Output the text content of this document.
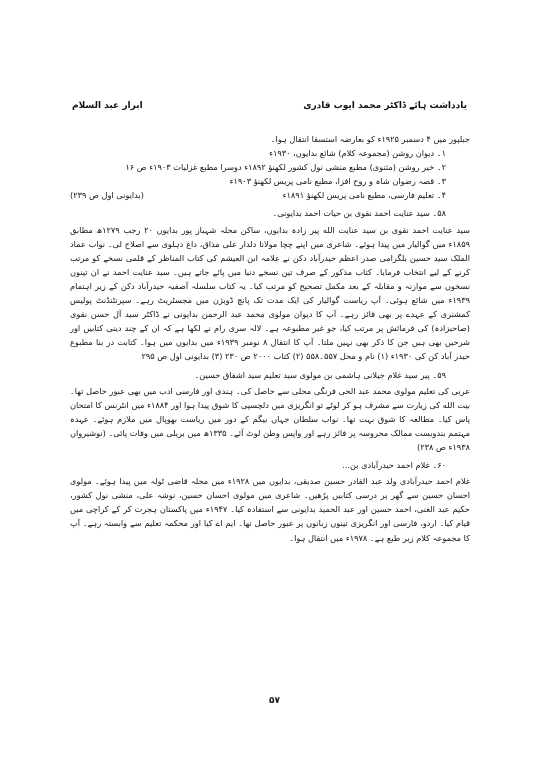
یادداشت ہائے ڈاکٹر محمد ایوب قادری
ابرار عبد السلام

جبلپور میں ۴ دسمبر ۱۹۲۵ء کو بعارضہ استسقا انتقال ہوا۔

۱۔ دیوان روشن (مجموعہ کلام) شائع بدایوں، ۱۹۳۰ء

۲۔ خیر روشن (مثنوی) مطبع منشی نول کشور لکھنؤ ۱۸۹۲ء دوسرا مطبع غزلیات ۱۹۰۳ء ص ۱۶

۳۔ قصہ رضوان شاہ و روح افزا، مطبع نامی پریس لکھنؤ ۱۹۰۳ء

۴۔ تعلیم فارسی، مطبع نامی پریس لکھنؤ ۱۸۹۱ء
(بدایونی اول ص ۲۳۹)

۵۸۔ سید عنایت احمد نقوی بن حیات احمد بدایونی۔

سید عنایت احمد نقوی بن سید عنایت الله پیر زادہ بدایوں، ساکن محلہ شہباز پور بدایوں ۲۰ رجب ۱۲۷۹ھ مطابق ۱۸۵۹ء میں گوالیار میں پیدا ہوئے۔ شاعری میں اپنے چچا مولانا دلدار علی مذاق، داغ دہلوی سے اصلاح لی۔ نواب عماد الملک سید حسین بلگرامی صدر اعظم حیدرآباد دکن نے علامہ ابن العیشم کی کتاب المناظر کے قلمی نسخے کو مرتب کرنے کے لیے انتخاب فرمایا۔ کتاب مذکور کے صرف تین نسخے دنیا میں پائے جاتے ہیں۔ سید عنایت احمد نے ان تینوں نسخوں سے موازنہ و مقابلہ کے بعد مکمل تصحیح کو مرتب کیا۔ یہ کتاب سلسلہ آصفیہ حیدرآباد دکن کے زیر اہتمام ۱۹۳۹ء میں شائع ہوئی۔ آپ ریاست گوالیار کی ایک مدت تک پانچ ڈویژن میں مجسٹریٹ رہے۔ سپرنٹنڈنٹ پولیس کمشنری کے عہدے پر بھی فائز رہے۔ آپ کا دیوان مولوی محمد عبد الرحمن بدایونی نے ڈاکٹر سید آل حسن نقوی (صاحبزادہ) کی فرمائش پر مرتب کیا، جو غیر مطبوعہ ہے۔ لالہ سری رام نے لکھا ہے کہ ان کے چند دینی کتابیں اور شرحیں بھی ہیں جن کا ذکر بھی نہیں ملتا۔ آپ کا انتقال ۸ نومبر ۱۹۳۹ء میں بدایوں میں ہوا۔ کتابت در بنا مطبوع حیدر آباد کن کی ۱۹۳۰ء (۱) نام و محل ۵۵۷۔۵۵۸ (۲) کتاب ۲۰۰۰ ص ۲۳۰ (۳) بدایونی اول ص ۲۹۵

۵۹۔ پیر سید غلام جیلانی ہاشمی بن مولوی سید تعلیم سید اشفاق حسین۔

عربی کی تعلیم مولوی محمد عبد الحی فرنگی محلی سے حاصل کی۔ ہندی اور فارسی ادب میں بھی عبور حاصل تھا۔ بیت الله کی زیارت سے مشرف ہو کر لوٹے تو انگریزی میں دلچسپی کا شوق پیدا ہوا اور ۱۸۸۴ء میں انٹرنس کا امتحان پاس کیا۔ مطالعہ کا شوق بہت تھا۔ نواب سلطان جہاں بیگم کے دور میں ریاست بھوپال میں ملازم ہوئے۔ عہدہ مہتمم بندوبست ممالک محروسہ پر فائز رہے اور واپس وطن لوٹ آئے۔ ۱۳۳۵ھ میں بریلی میں وفات پائی۔ (نوشیرواں ۱۹۳۸ء ص ۲۳۸)

۶۰۔ غلام احمد حیدرآبادی بن...

غلام احمد حیدرآبادی ولد عبد القادر حسین صدیقی، بدایوں میں ۱۹۲۸ء میں محلہ قاضی ٹولہ میں پیدا ہوئے۔ مولوی احسان حسین سے گھر پر درسی کتابیں پڑھیں۔ شاعری میں مولوی احسان حسین، نوشہ علی، منشی نول کشور، حکیم عبد الغنی، احمد حسین اور عبد الحمید بدایونی سے استفادہ کیا۔ ۱۹۴۷ء میں پاکستان ہجرت کر کے کراچی میں قیام کیا۔ اردو، فارسی اور انگریزی تینوں زبانوں پر عبور حاصل تھا۔ ایم اے کیا اور محکمہ تعلیم سے وابستہ رہے۔ آپ کا مجموعہ کلام زیر طبع ہے۔ ۱۹۷۸ء میں انتقال ہوا۔

۵۷
